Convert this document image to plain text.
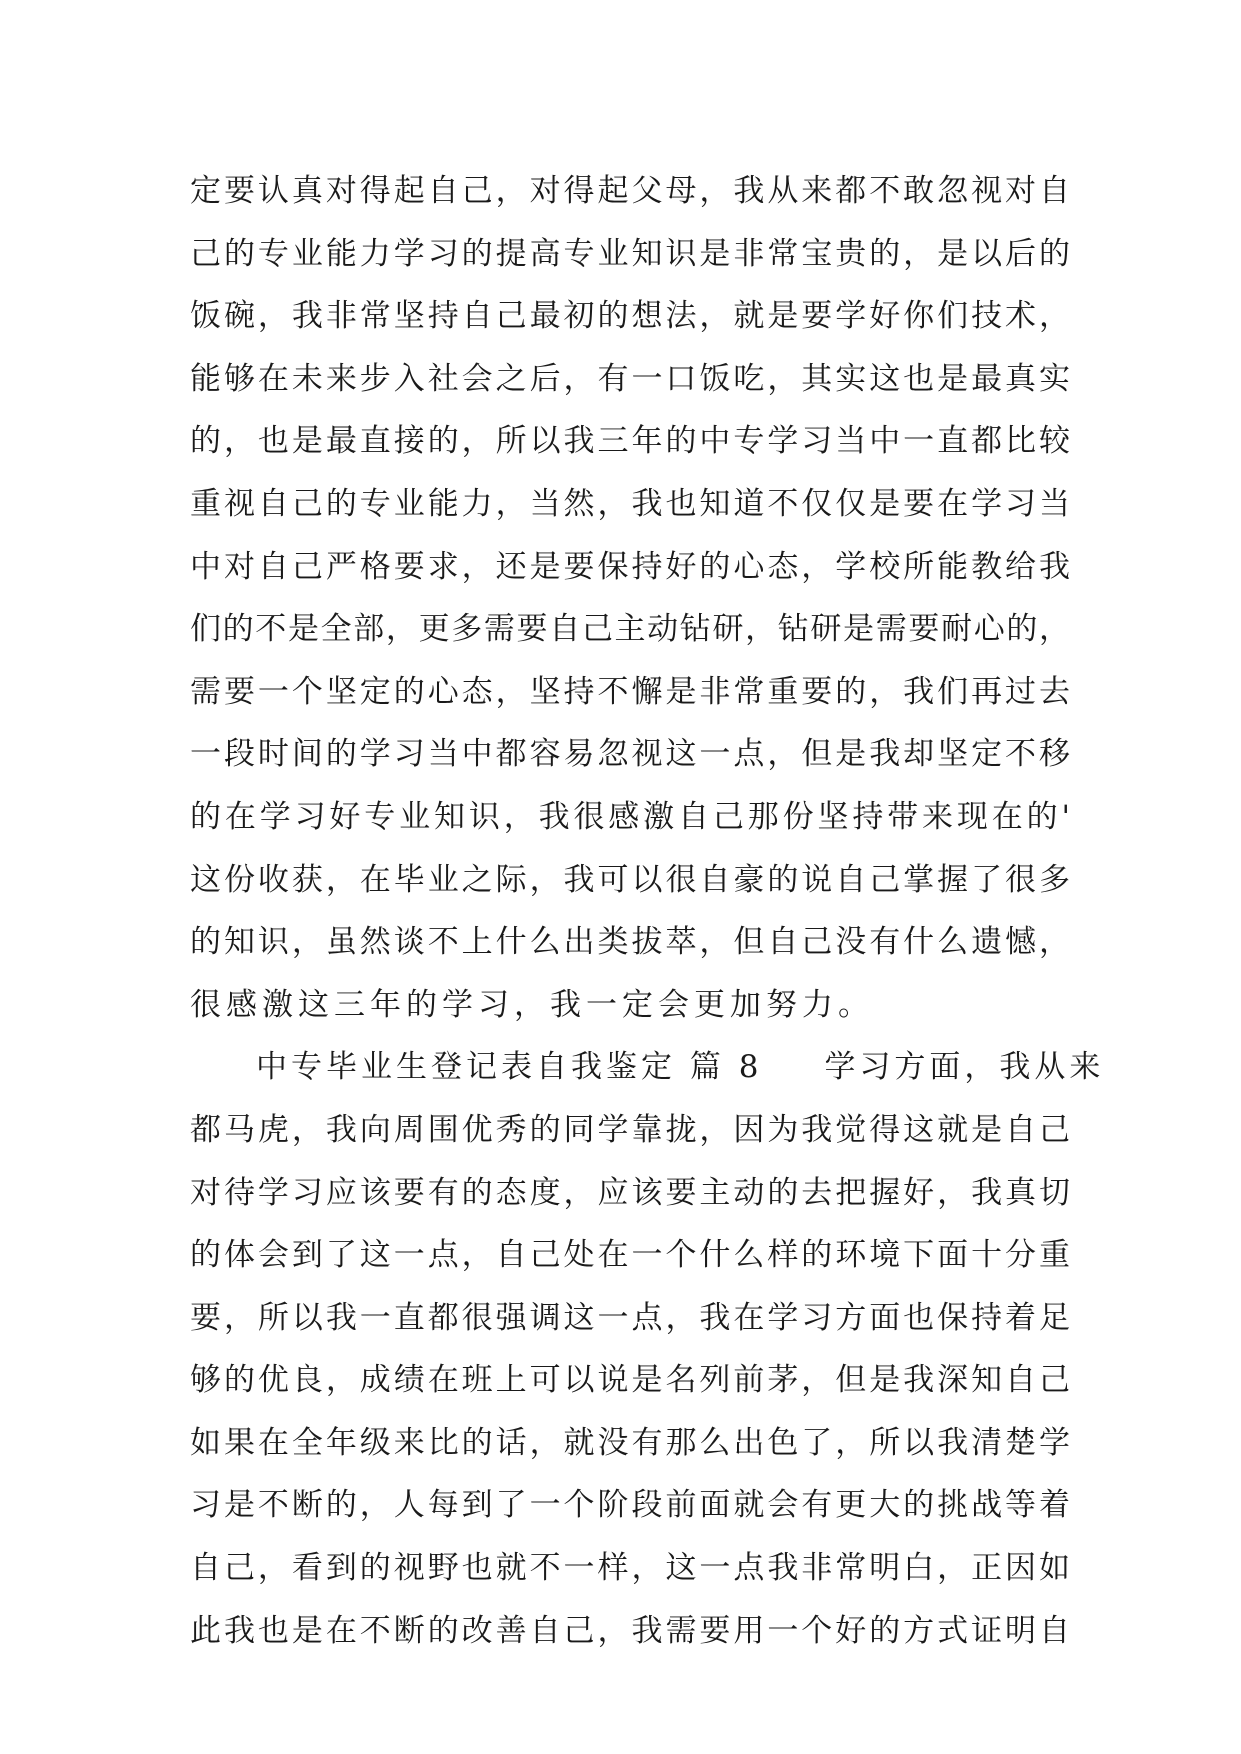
定要认真对得起自己，对得起父母，我从来都不敢忽视对自
己的专业能力学习的提高专业知识是非常宝贵的，是以后的
饭碗，我非常坚持自己最初的想法，就是要学好你们技术，
能够在未来步入社会之后，有一口饭吃，其实这也是最真实
的，也是最直接的，所以我三年的中专学习当中一直都比较
重视自己的专业能力，当然，我也知道不仅仅是要在学习当
中对自己严格要求，还是要保持好的心态，学校所能教给我
们的不是全部，更多需要自己主动钻研，钻研是需要耐心的，
需要一个坚定的心态，坚持不懈是非常重要的，我们再过去
一段时间的学习当中都容易忽视这一点，但是我却坚定不移
的在学习好专业知识，我很感激自己那份坚持带来现在的'
这份收获，在毕业之际，我可以很自豪的说自己掌握了很多
的知识，虽然谈不上什么出类拔萃，但自己没有什么遗憾，
很感激这三年的学习，我一定会更加努力。
中专毕业生登记表自我鉴定 篇 8 学习方面，我从来
都马虎，我向周围优秀的同学靠拢，因为我觉得这就是自己
对待学习应该要有的态度，应该要主动的去把握好，我真切
的体会到了这一点，自己处在一个什么样的环境下面十分重
要，所以我一直都很强调这一点，我在学习方面也保持着足
够的优良，成绩在班上可以说是名列前茅，但是我深知自己
如果在全年级来比的话，就没有那么出色了，所以我清楚学
习是不断的，人每到了一个阶段前面就会有更大的挑战等着
自己，看到的视野也就不一样，这一点我非常明白，正因如
此我也是在不断的改善自己，我需要用一个好的方式证明自
